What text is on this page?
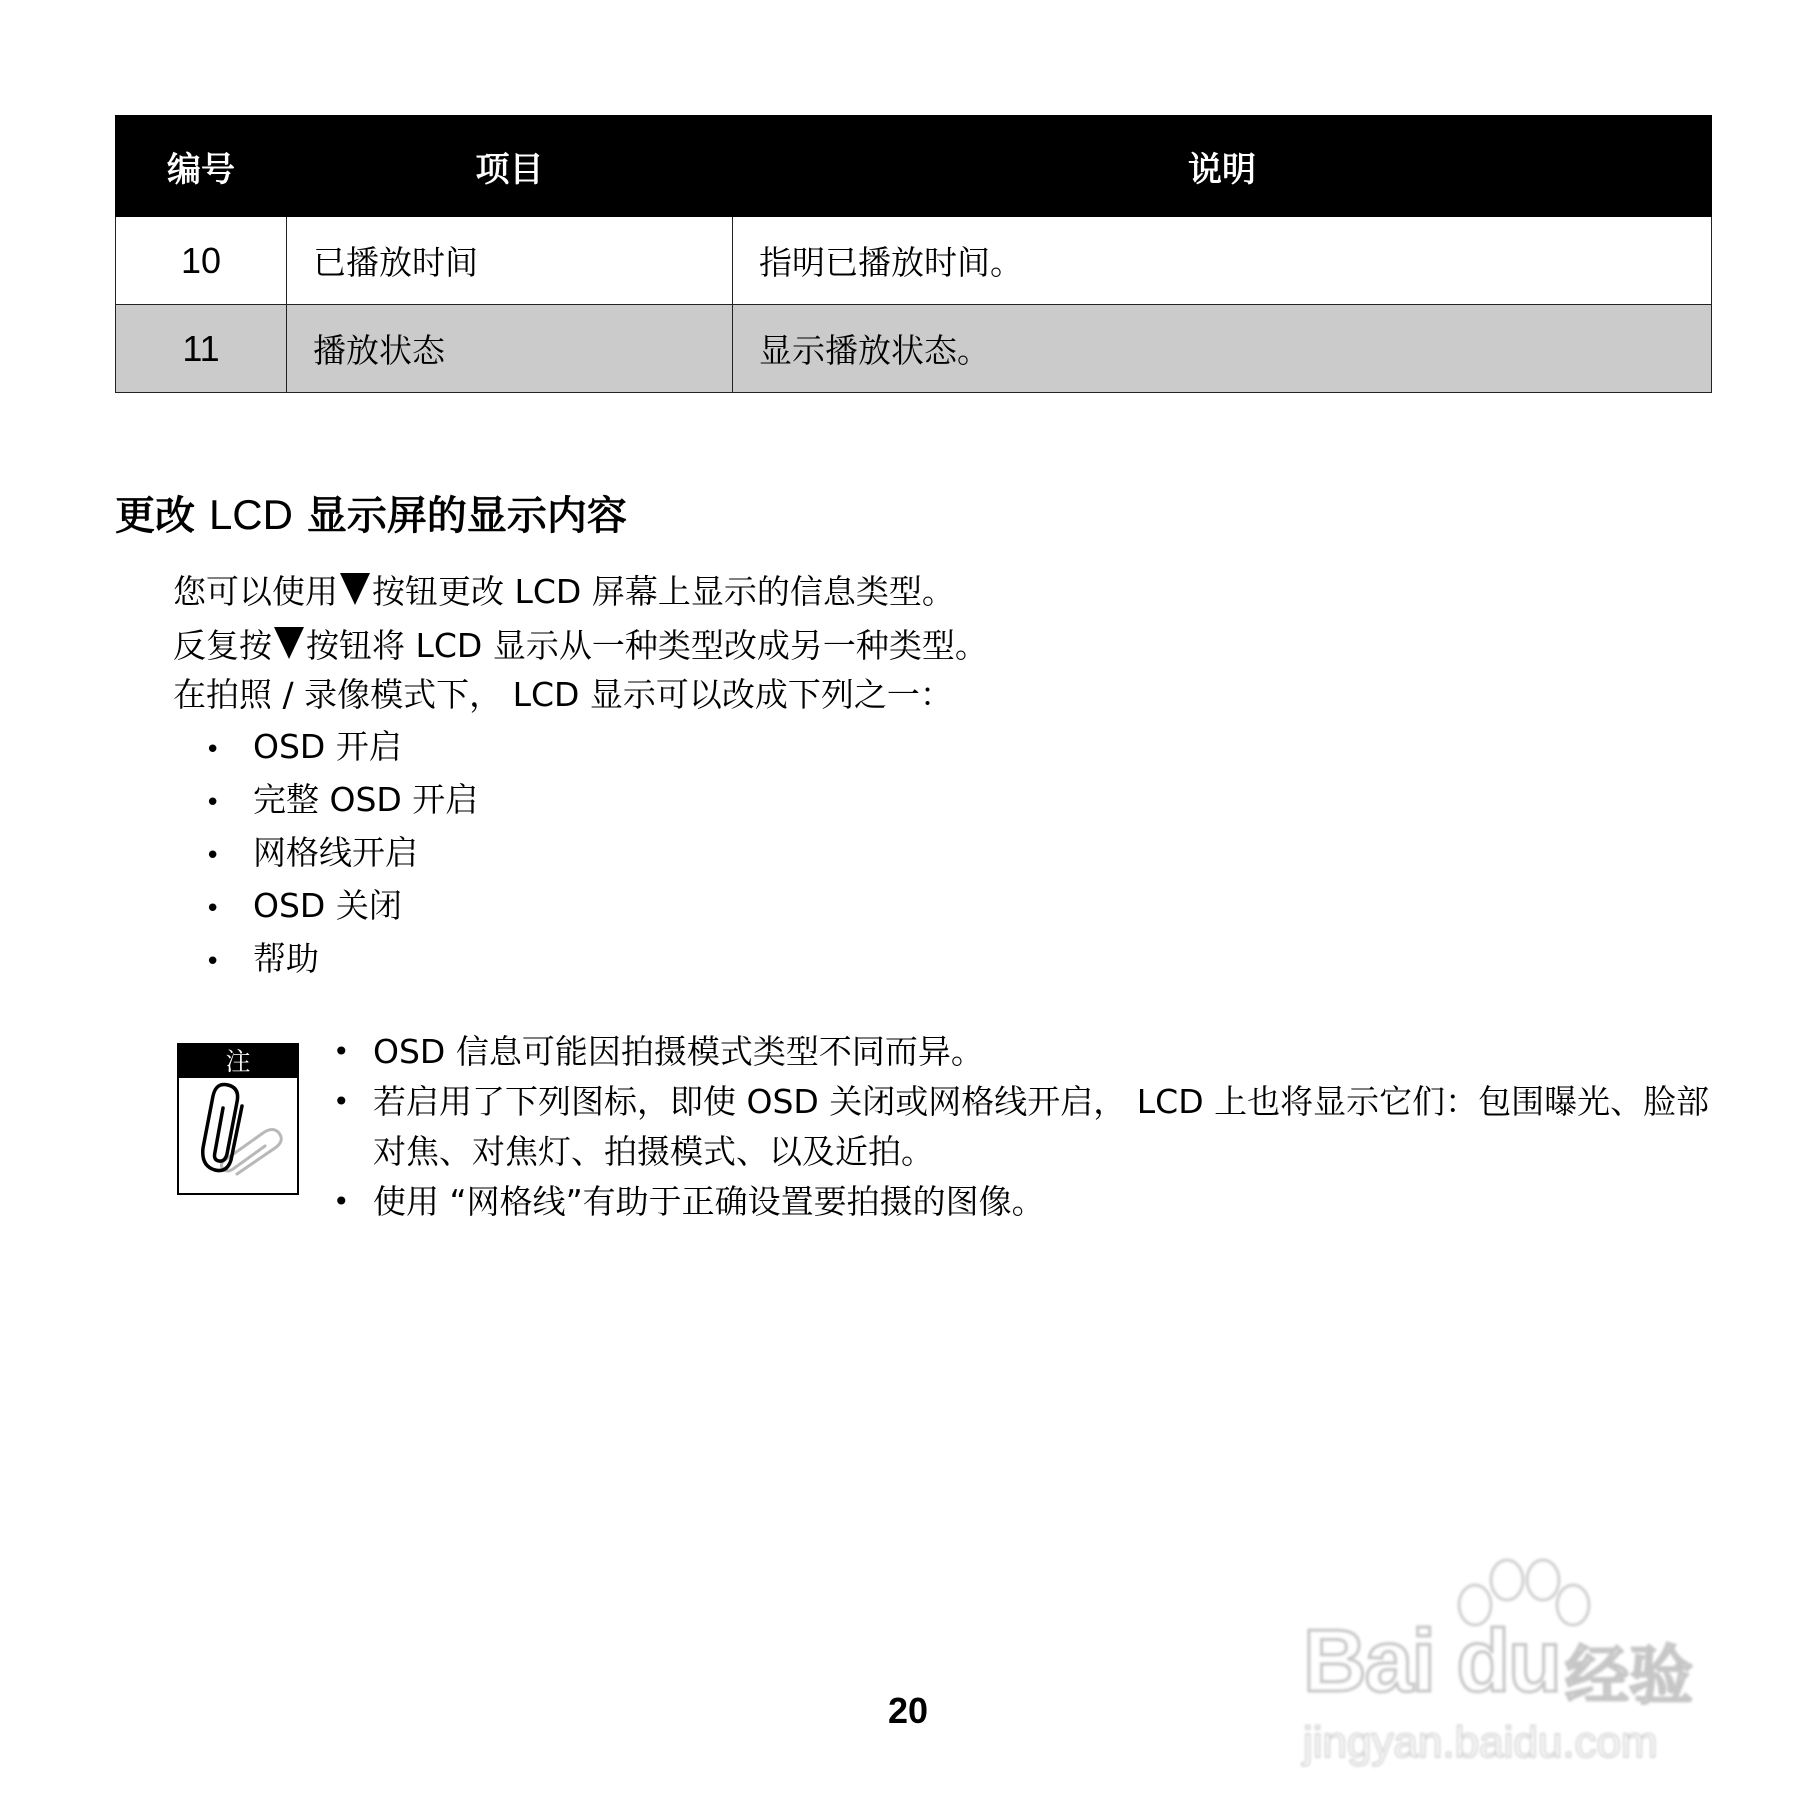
编号	项目	说明
10	已播放时间	指明已播放时间。
11	播放状态	显示播放状态。
更改 LCD 显示屏的显示内容
您可以使用 按钮更改 LCD 屏幕上显示的信息类型。
反复按 按钮将 LCD 显示从一种类型改成另一种类型。
在拍照 / 录像模式下， LCD 显示可以改成下列之一：
• OSD 开启
• 完整 OSD 开启
• 网格线开启
• OSD 关闭
• 帮助
注	• OSD 信息可能因拍摄模式类型不同而异。
• 若启用了下列图标，即使 OSD 关闭或网格线开启， LCD 上也将显示它们：包围曝光、脸部对焦、对焦灯、拍摄模式、以及近拍。
• 使用 “网格线”有助于正确设置要拍摄的图像。
20
Bai du 经验
jingyan.baidu.com
